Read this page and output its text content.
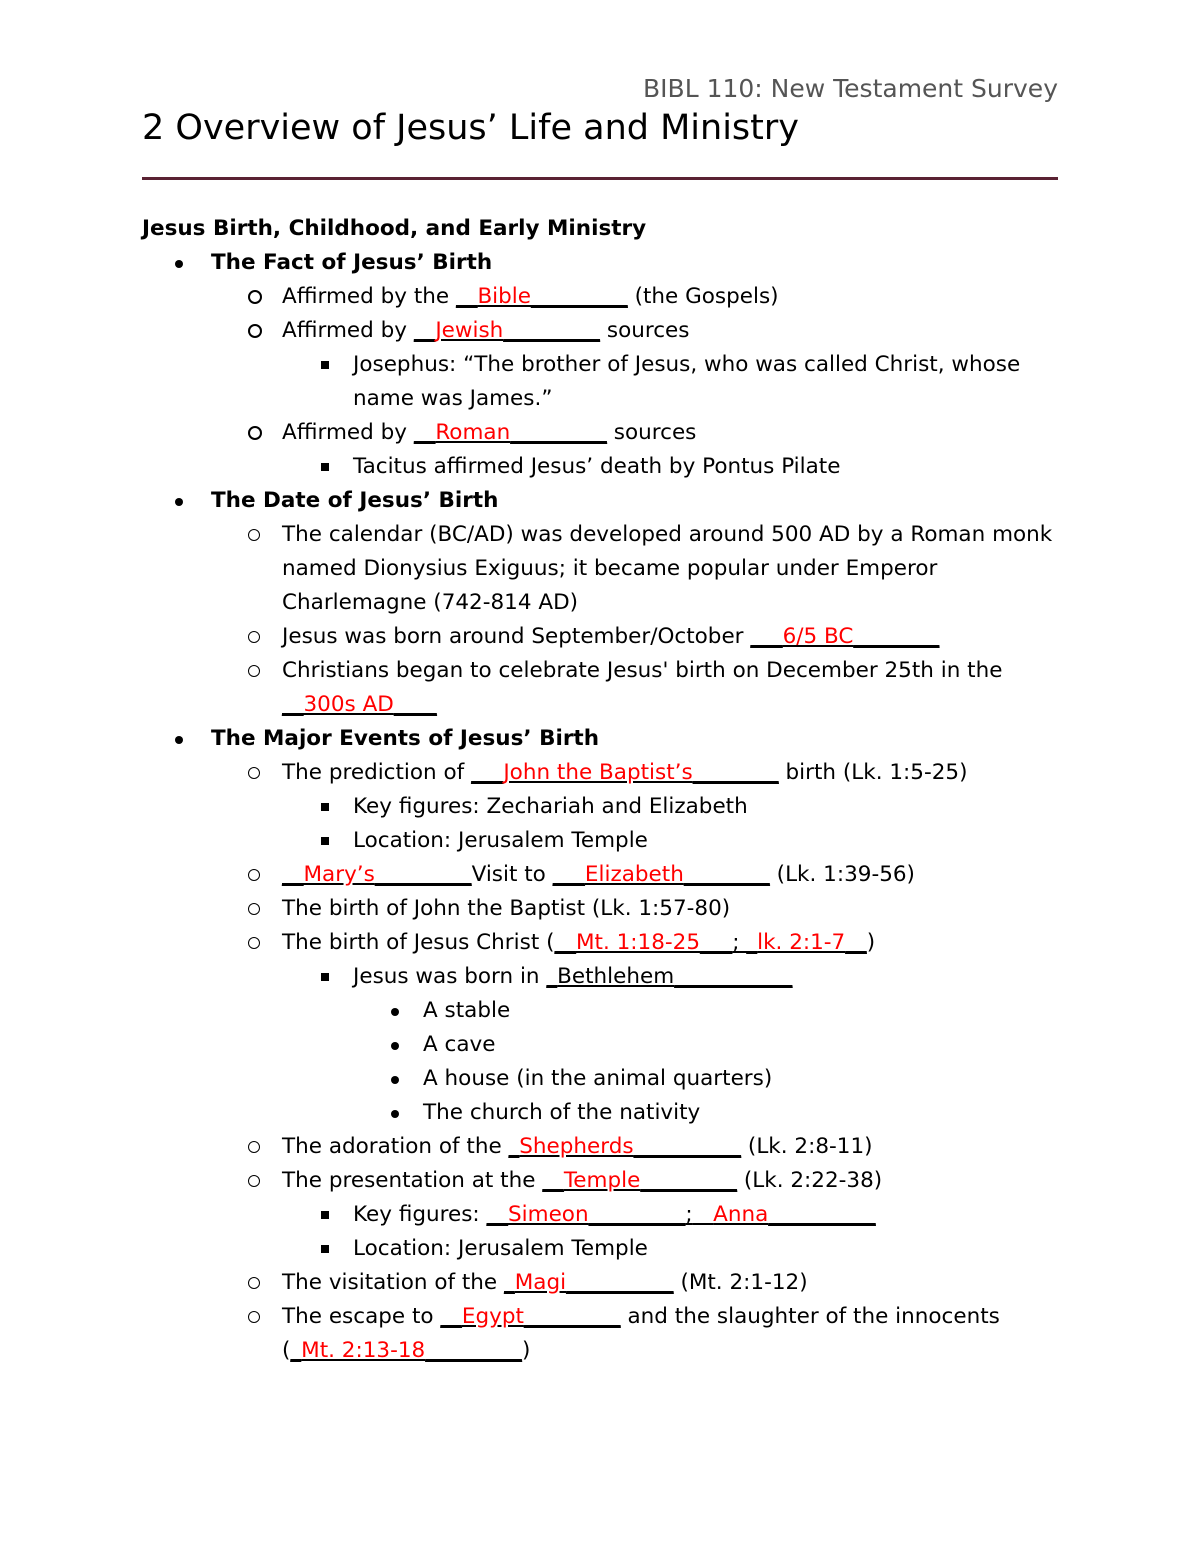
BIBL 110: New Testament Survey
2 Overview of Jesus’ Life and Ministry
Jesus Birth, Childhood, and Early Ministry
The Fact of Jesus’ Birth
Affirmed by the __Bible_________ (the Gospels)
Affirmed by __Jewish_________ sources
Josephus: “The brother of Jesus, who was called Christ, whose name was James.”
Affirmed by __Roman_________ sources
Tacitus affirmed Jesus’ death by Pontus Pilate
The Date of Jesus’ Birth
The calendar (BC/AD) was developed around 500 AD by a Roman monk named Dionysius Exiguus; it became popular under Emperor Charlemagne (742-814 AD)
Jesus was born around September/October ___6/5 BC________
Christians began to celebrate Jesus' birth on December 25th in the
__300s AD____
The Major Events of Jesus’ Birth
The prediction of ___John the Baptist’s________ birth (Lk. 1:5-25)
Key figures: Zechariah and Elizabeth
Location: Jerusalem Temple
__Mary’s_________Visit to ___Elizabeth________ (Lk. 1:39-56)
The birth of John the Baptist (Lk. 1:57-80)
The birth of Jesus Christ (__Mt. 1:18-25___; _lk. 2:1-7__)
Jesus was born in _Bethlehem___________
A stable
A cave
A house (in the animal quarters)
The church of the nativity
The adoration of the _Shepherds__________ (Lk. 2:8-11)
The presentation at the __Temple_________ (Lk. 2:22-38)
Key figures: __Simeon_________; Anna__________
Location: Jerusalem Temple
The visitation of the _Magi__________ (Mt. 2:1-12)
The escape to __Egypt_________ and the slaughter of the innocents
(_Mt. 2:13-18_________)
